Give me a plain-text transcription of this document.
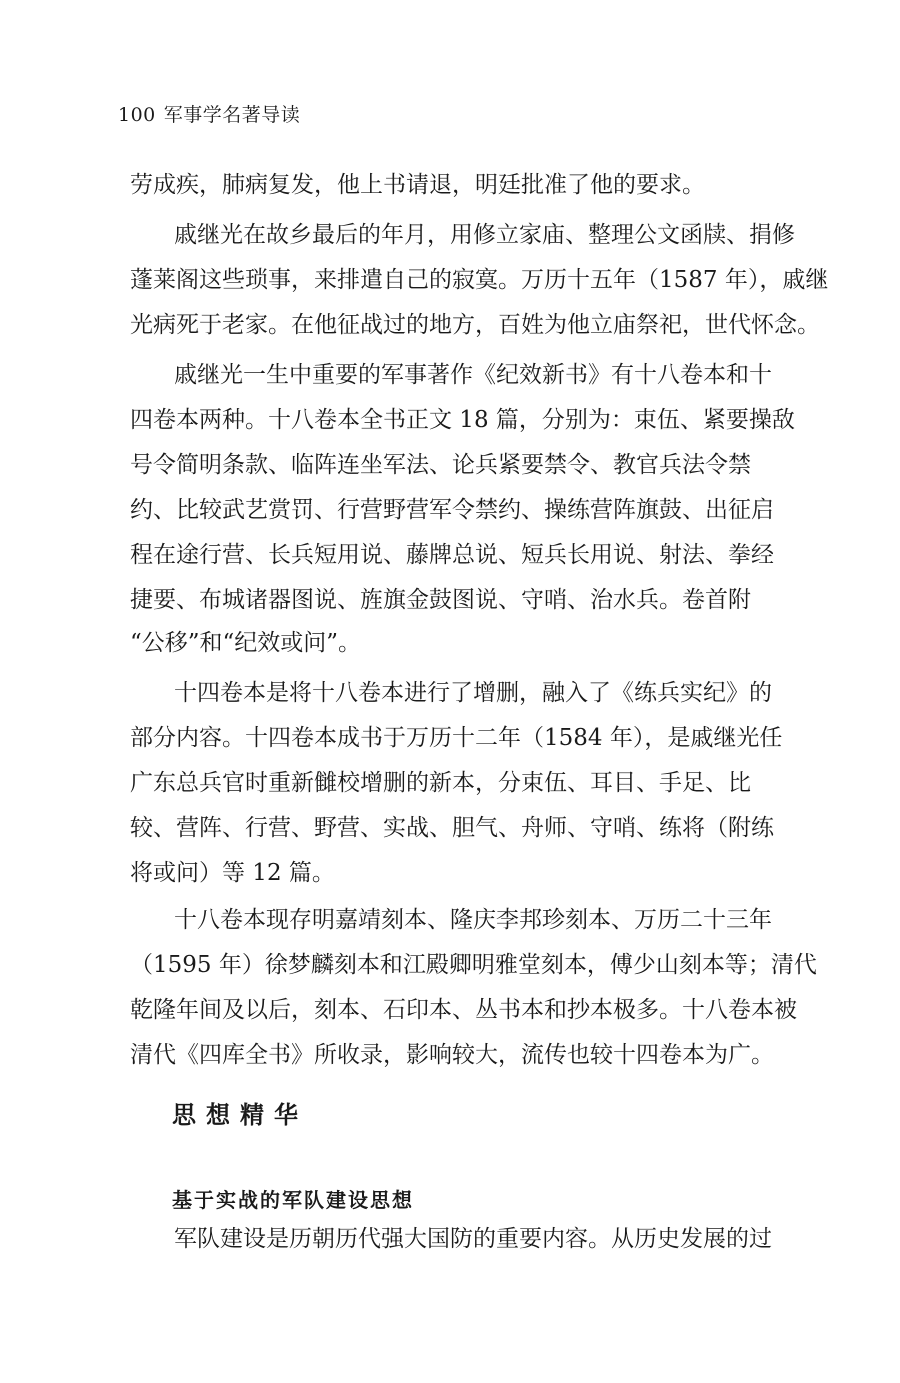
100 军事学名著导读
劳成疾，肺病复发，他上书请退，明廷批准了他的要求。
戚继光在故乡最后的年月，用修立家庙、整理公文函牍、捐修
蓬莱阁这些琐事，来排遣自己的寂寞。万历十五年（1587 年），戚继
光病死于老家。在他征战过的地方，百姓为他立庙祭祀，世代怀念。
戚继光一生中重要的军事著作《纪效新书》有十八卷本和十
四卷本两种。十八卷本全书正文 18 篇，分别为：束伍、紧要操敌
号令简明条款、临阵连坐军法、论兵紧要禁令、教官兵法令禁
约、比较武艺赏罚、行营野营军令禁约、操练营阵旗鼓、出征启
程在途行营、长兵短用说、藤牌总说、短兵长用说、射法、拳经
捷要、布城诸器图说、旌旗金鼓图说、守哨、治水兵。卷首附
“公移”和“纪效或问”。
十四卷本是将十八卷本进行了增删，融入了《练兵实纪》的
部分内容。十四卷本成书于万历十二年（1584 年），是戚继光任
广东总兵官时重新雠校增删的新本，分束伍、耳目、手足、比
较、营阵、行营、野营、实战、胆气、舟师、守哨、练将（附练
将或问）等 12 篇。
十八卷本现存明嘉靖刻本、隆庆李邦珍刻本、万历二十三年
（1595 年）徐梦麟刻本和江殿卿明雅堂刻本，傅少山刻本等；清代
乾隆年间及以后，刻本、石印本、丛书本和抄本极多。十八卷本被
清代《四库全书》所收录，影响较大，流传也较十四卷本为广。
思想精华
基于实战的军队建设思想
军队建设是历朝历代强大国防的重要内容。从历史发展的过
